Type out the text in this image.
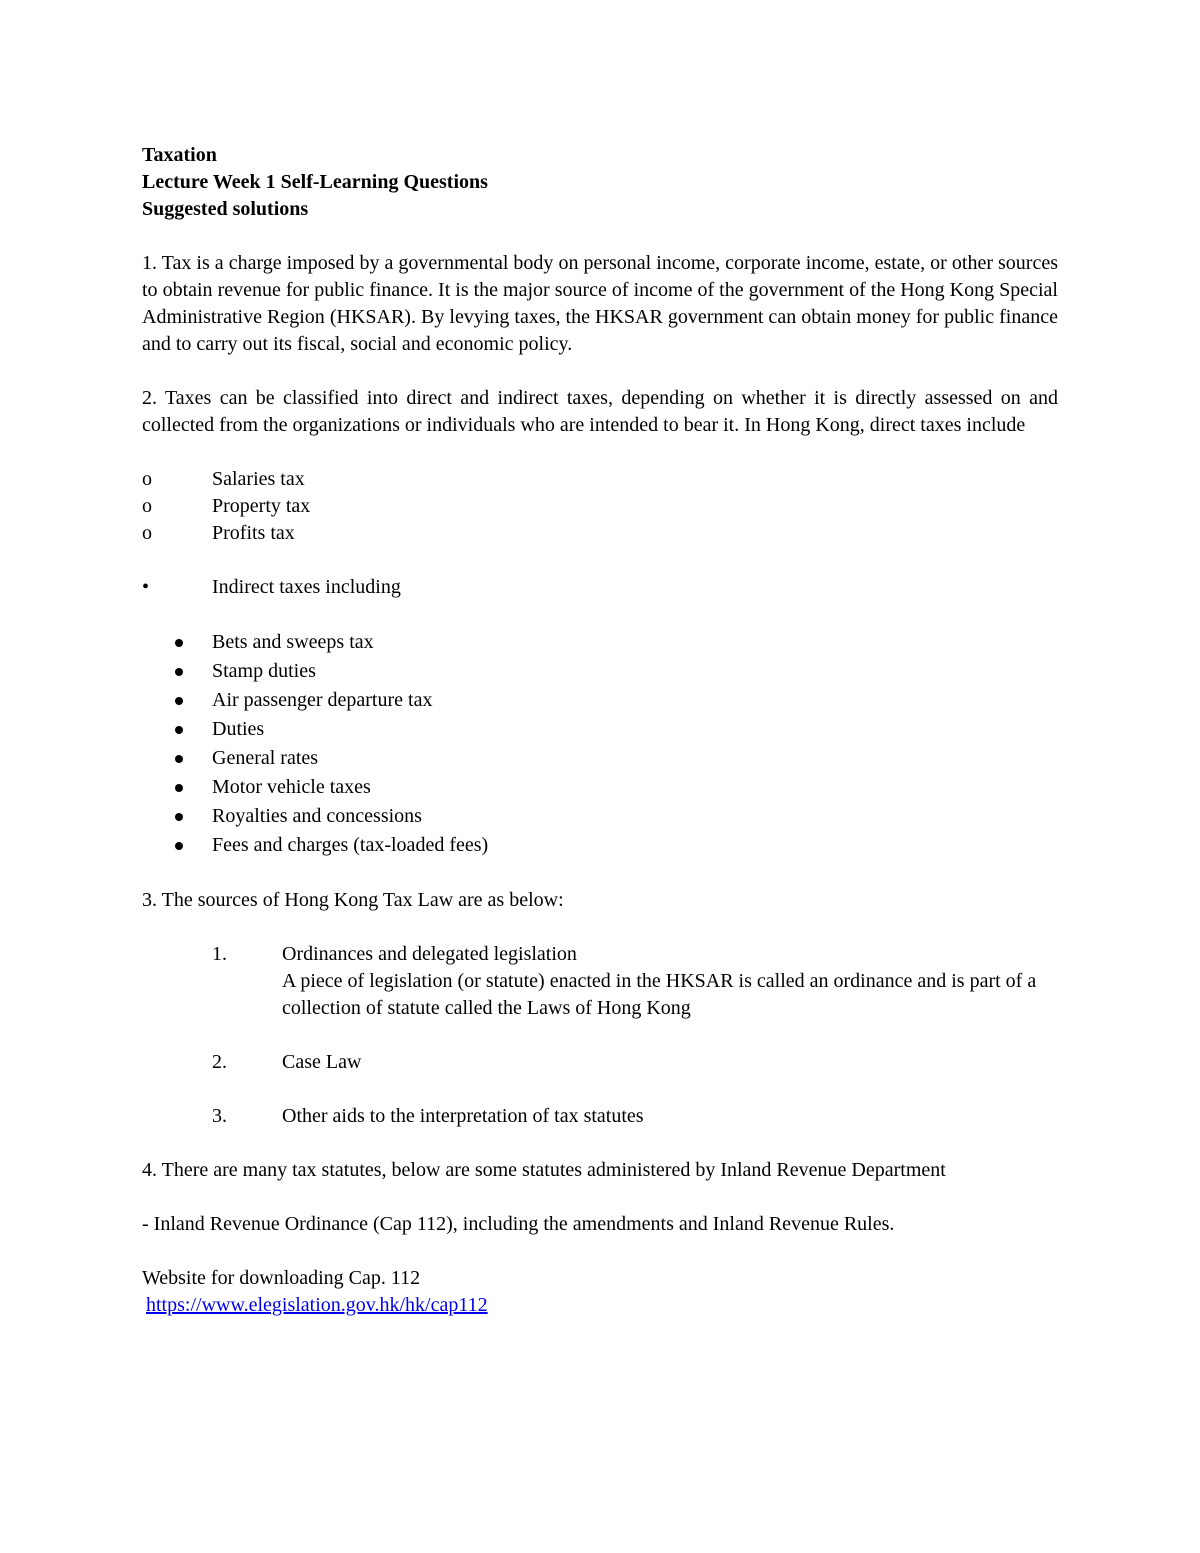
Taxation

Lecture Week 1 Self-Learning Questions

Suggested solutions

1. Tax is a charge imposed by a governmental body on personal income, corporate income, estate, or other sources to obtain revenue for public finance. It is the major source of income of the government of the Hong Kong Special Administrative Region (HKSAR). By levying taxes, the HKSAR government can obtain money for public finance and to carry out its fiscal, social and economic policy.

2. Taxes can be classified into direct and indirect taxes, depending on whether it is directly assessed on and collected from the organizations or individuals who are intended to bear it. In Hong Kong, direct taxes include

o	Salaries tax
o	Property tax
o	Profits tax
•	Indirect taxes including
Bets and sweeps tax
Stamp duties
Air passenger departure tax
Duties
General rates
Motor vehicle taxes
Royalties and concessions
Fees and charges (tax-loaded fees)

3. The sources of Hong Kong Tax Law are as below:

1.	Ordinances and delegated legislation

A piece of legislation (or statute) enacted in the HKSAR is called an ordinance and is part of a collection of statute called the Laws of Hong Kong

2.	Case Law

3.	Other aids to the interpretation of tax statutes

4. There are many tax statutes, below are some statutes administered by Inland Revenue Department

- Inland Revenue Ordinance (Cap 112), including the amendments and Inland Revenue Rules.

Website for downloading Cap. 112

https://www.elegislation.gov.hk/hk/cap112
